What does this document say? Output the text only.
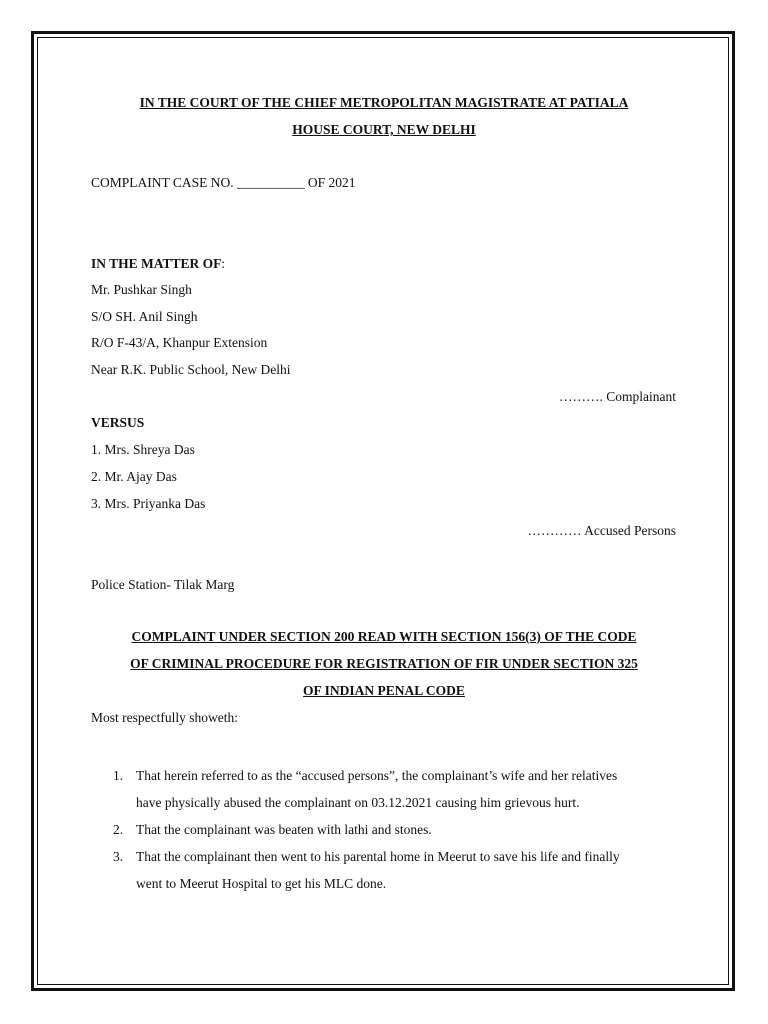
IN THE COURT OF THE CHIEF METROPOLITAN MAGISTRATE AT PATIALA
HOUSE COURT, NEW DELHI
COMPLAINT CASE NO. __________ OF 2021
IN THE MATTER OF:
Mr. Pushkar Singh
S/O SH. Anil Singh
R/O F-43/A, Khanpur Extension
Near R.K. Public School, New Delhi
………. Complainant
VERSUS
1. Mrs. Shreya Das
2. Mr. Ajay Das
3. Mrs. Priyanka Das
………… Accused Persons
Police Station- Tilak Marg
COMPLAINT UNDER SECTION 200 READ WITH SECTION 156(3) OF THE CODE
OF CRIMINAL PROCEDURE FOR REGISTRATION OF FIR UNDER SECTION 325
OF INDIAN PENAL CODE
Most respectfully showeth:
1. That herein referred to as the “accused persons”, the complainant’s wife and her relatives
have physically abused the complainant on 03.12.2021 causing him grievous hurt.
2. That the complainant was beaten with lathi and stones.
3. That the complainant then went to his parental home in Meerut to save his life and finally
went to Meerut Hospital to get his MLC done.
